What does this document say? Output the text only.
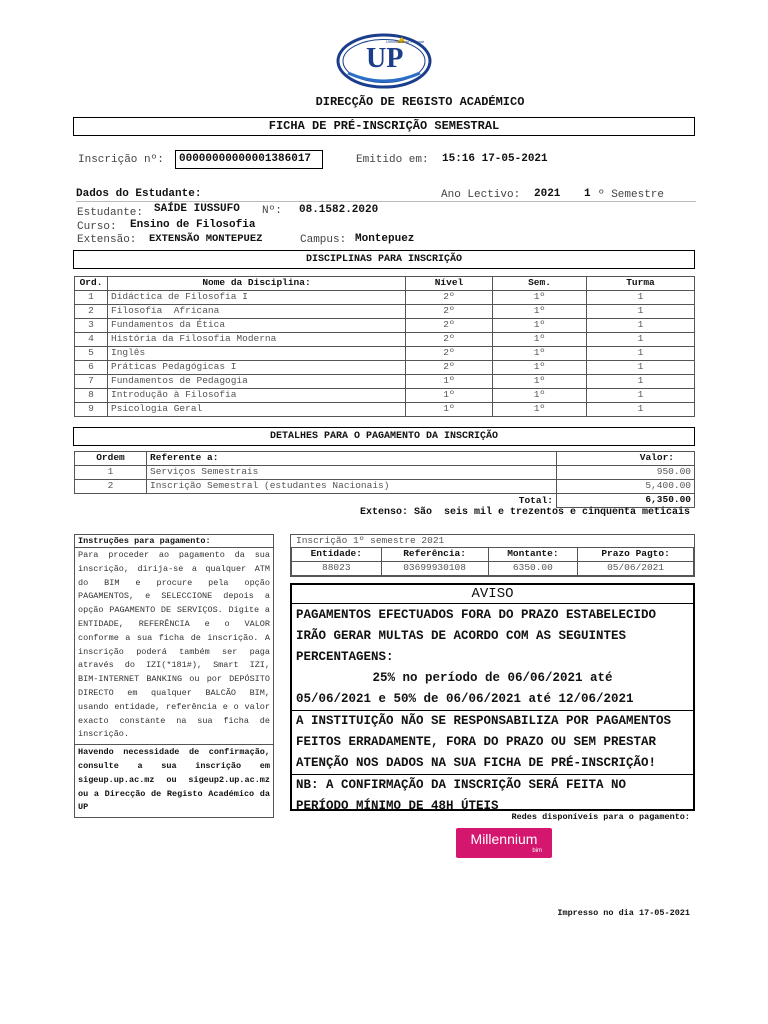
UP
Universidade Púnguè
DIRECÇÃO DE REGISTO ACADÉMICO
FICHA DE PRÉ-INSCRIÇÃO SEMESTRAL
Inscrição nº:	00000000000001386017	Emitido em: 15:16 17-05-2021
Dados do Estudante:	Ano Lectivo: 2021 1 º Semestre
Estudante: SAÍDE IUSSUFO Nº: 08.1582.2020
Curso: Ensino de Filosofia
Extensão: EXTENSÃO MONTEPUEZ	Campus: Montepuez
DISCIPLINAS PARA INSCRIÇÃO
Ord.	Nome da Disciplina:	Nível	Sem.	Turma
1	Didáctica de Filosofia I	2º	1º	1
2	Filosofia  Africana	2º	1º	1
3	Fundamentos da Ética	2º	1º	1
4	História da Filosofia Moderna	2º	1º	1
5	Inglês	2º	1º	1
6	Práticas Pedagógicas I	2º	1º	1
7	Fundamentos de Pedagogia	1º	1º	1
8	Introdução à Filosofia	1º	1º	1
9	Psicologia Geral	1º	1º	1
DETALHES PARA O PAGAMENTO DA INSCRIÇÃO
Ordem	Referente a:	Valor:
1	Serviços Semestrais	950.00
2	Inscrição Semestral (estudantes Nacionais)	5,400.00
	Total:	6,350.00
Extenso: São  seis mil e trezentos e cinquenta meticais
Instruções para pagamento:
Para proceder ao pagamento da sua inscrição, dirija-se a qualquer ATM do BIM e procure pela opção PAGAMENTOS, e SELECCIONE depois a opção PAGAMENTO DE SERVIÇOS. Digite a ENTIDADE, REFERÊNCIA e o VALOR conforme a sua ficha de inscrição. A inscrição poderá também ser paga através do IZI(*181#), Smart IZI, BIM-INTERNET BANKING ou por DEPÓSITO DIRECTO em qualquer BALCÃO BIM, usando entidade, referência e o valor exacto constante na sua ficha de inscrição.
Havendo necessidade de confirmação, consulte a sua inscrição em sigeup.up.ac.mz ou sigeup2.up.ac.mz ou a Direcção de Registo Académico da UP
Inscrição 1º semestre 2021
Entidade:	Referência:	Montante:	Prazo Pagto:
88023	03699930108	6350.00	05/06/2021
AVISO
PAGAMENTOS EFECTUADOS FORA DO PRAZO ESTABELECIDO
IRÃO GERAR MULTAS DE ACORDO COM AS SEGUINTES
PERCENTAGENS:
25% no período de 06/06/2021 até
05/06/2021 e 50% de 06/06/2021 até 12/06/2021
A INSTITUIÇÃO NÃO SE RESPONSABILIZA POR PAGAMENTOS
FEITOS ERRADAMENTE, FORA DO PRAZO OU SEM PRESTAR
ATENÇÃO NOS DADOS NA SUA FICHA DE PRÉ-INSCRIÇÃO!
NB: A CONFIRMAÇÃO DA INSCRIÇÃO SERÁ FEITA NO
PERÍODO MÍNIMO DE 48H ÚTEIS
Redes disponíveis para o pagamento:
Millennium
bim
Impresso no dia 17-05-2021
